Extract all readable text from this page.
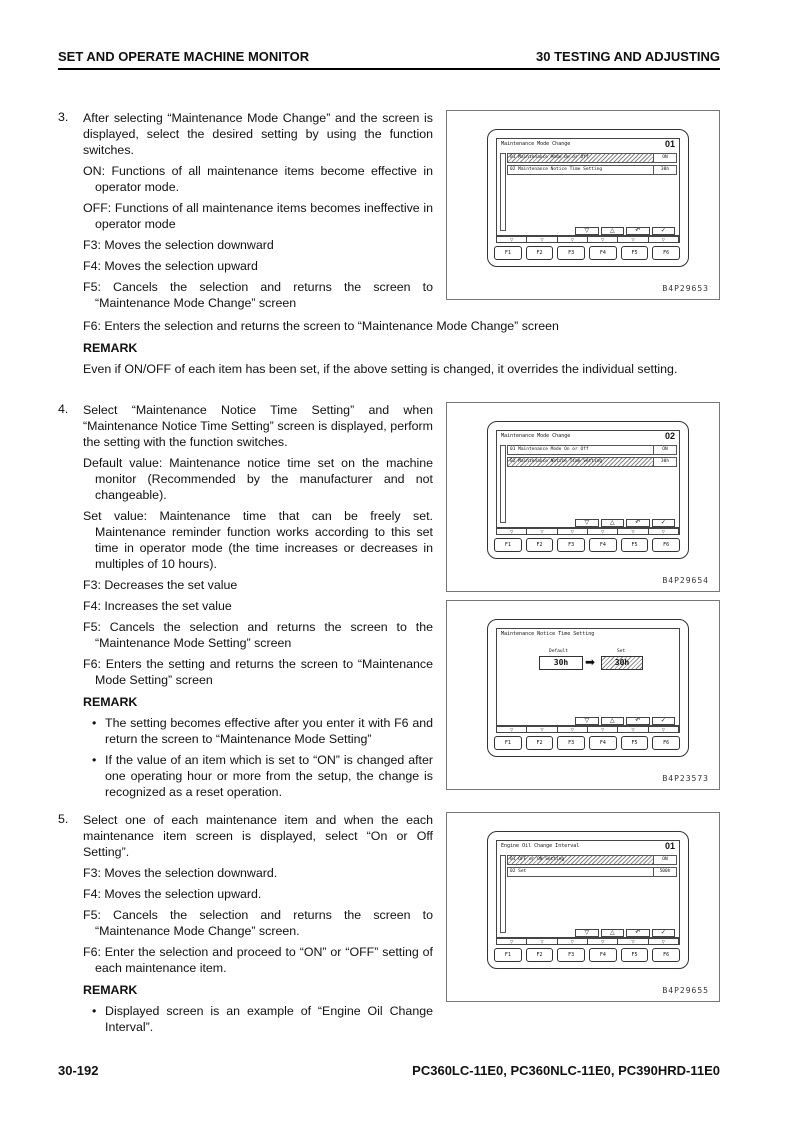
SET AND OPERATE MACHINE MONITOR	30 TESTING AND ADJUSTING
3. After selecting “Maintenance Mode Change” and the screen is displayed, select the desired setting by using the function switches.

ON: Functions of all maintenance items become effective in operator mode.

OFF: Functions of all maintenance items becomes ineffective in operator mode

F3: Moves the selection downward

F4: Moves the selection upward

F5: Cancels the selection and returns the screen to “Maintenance Mode Change” screen

F6: Enters the selection and returns the screen to “Maintenance Mode Change” screen

REMARK

Even if ON/OFF of each item has been set, if the above setting is changed, it overrides the individual setting.

Maintenance Mode Change	01
01 Maintenance Mode On or Off	ON
02 Maintenance Notice Time Setting	30h
▽	△	↶	✓
▽	▽	▽	▽	▽	▽
F1	F2	F3	F4	F5	F6
B4P29653
4. Select “Maintenance Notice Time Setting” and when “Maintenance Notice Time Setting” screen is displayed, perform the setting with the function switches.

Default value: Maintenance notice time set on the machine monitor (Recommended by the manufacturer and not changeable).

Set value: Maintenance time that can be freely set. Maintenance reminder function works according to this set time in operator mode (the time increases or decreases in multiples of 10 hours).

F3: Decreases the set value

F4: Increases the set value

F5: Cancels the selection and returns the screen to the “Maintenance Mode Setting” screen

F6: Enters the setting and returns the screen to “Maintenance Mode Setting” screen

REMARK

• The setting becomes effective after you enter it with F6 and return the screen to “Maintenance Mode Setting”

• If the value of an item which is set to “ON” is changed after one operating hour or more from the setup, the change is recognized as a reset operation.

Maintenance Mode Change	02
01 Maintenance Mode On or Off	ON
02 Maintenance Notice Time Setting	30h
▽	△	↶	✓
▽	▽	▽	▽	▽	▽
F1	F2	F3	F4	F5	F6
B4P29654
Maintenance Notice Time Setting
Default	Set
30h	➡	30h
▽	△	↶	✓
▽	▽	▽	▽	▽	▽
F1	F2	F3	F4	F5	F6
B4P23573
5. Select one of each maintenance item and when the each maintenance item screen is displayed, select “On or Off Setting”.

F3: Moves the selection downward.

F4: Moves the selection upward.

F5: Cancels the selection and returns the screen to “Maintenance Mode Change” screen.

F6: Enter the selection and proceed to “ON” or “OFF” setting of each maintenance item.

REMARK

• Displayed screen is an example of “Engine Oil Change Interval”.

Engine Oil Change Interval	01
01 OFF or ON Setting	ON
02 Set	500h
▽	△	↶	✓
▽	▽	▽	▽	▽	▽
F1	F2	F3	F4	F5	F6
B4P29655
30-192	PC360LC-11E0, PC360NLC-11E0, PC390HRD-11E0
